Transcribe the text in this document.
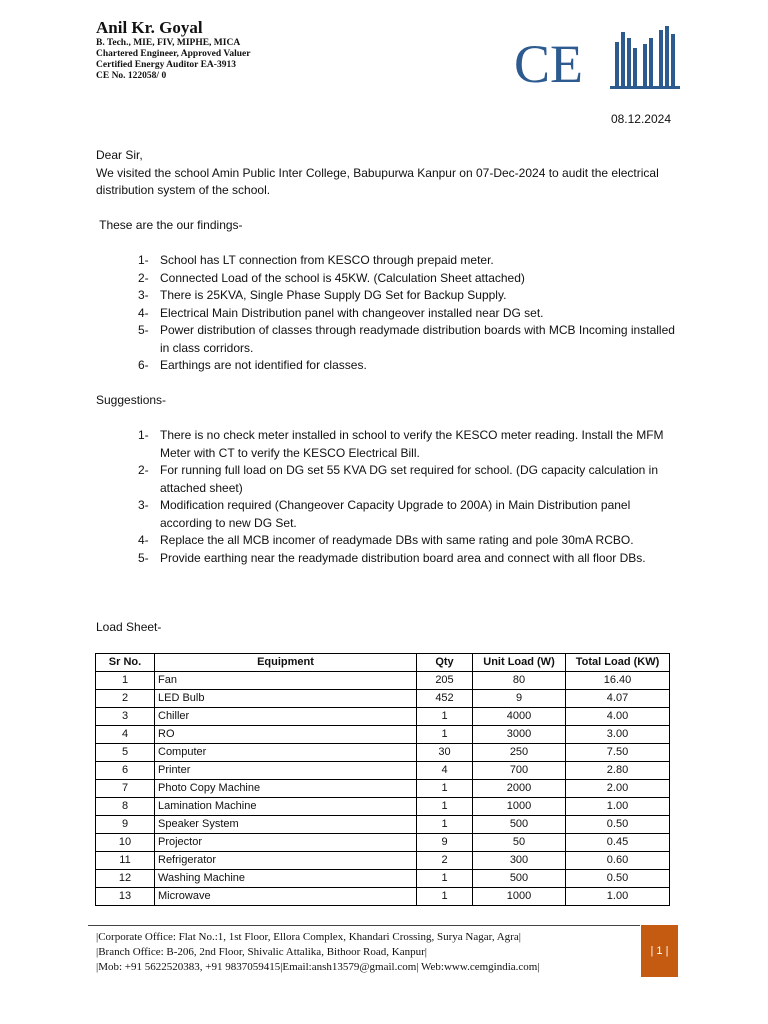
Anil Kr. Goyal
B. Tech., MIE, FIV, MIPHE, MICA
Chartered Engineer, Approved Valuer
Certified Energy Auditor EA-3913
CE No. 122058/ 0	CE
08.12.2024

Dear Sir,

We visited the school Amin Public Inter College, Babupurwa Kanpur on 07-Dec-2024 to audit the electrical distribution system of the school.

These are the our findings-

1- School has LT connection from KESCO through prepaid meter.
2- Connected Load of the school is 45KW. (Calculation Sheet attached)
3- There is 25KVA, Single Phase Supply DG Set for Backup Supply.
4- Electrical Main Distribution panel with changeover installed near DG set.
5- Power distribution of classes through readymade distribution boards with MCB Incoming installed in class corridors.
6- Earthings are not identified for classes.

Suggestions-

1- There is no check meter installed in school to verify the KESCO meter reading. Install the MFM Meter with CT to verify the KESCO Electrical Bill.
2- For running full load on DG set 55 KVA DG set required for school. (DG capacity calculation in attached sheet)
3- Modification required (Changeover Capacity Upgrade to 200A) in Main Distribution panel according to new DG Set.
4- Replace the all MCB incomer of readymade DBs with same rating and pole 30mA RCBO.
5- Provide earthing near the readymade distribution board area and connect with all floor DBs.
Load Sheet-
Sr No.	Equipment	Qty	Unit Load (W)	Total Load (KW)
1	Fan	205	80	16.40
2	LED Bulb	452	9	4.07
3	Chiller	1	4000	4.00
4	RO	1	3000	3.00
5	Computer	30	250	7.50
6	Printer	4	700	2.80
7	Photo Copy Machine	1	2000	2.00
8	Lamination Machine	1	1000	1.00
9	Speaker System	1	500	0.50
10	Projector	9	50	0.45
11	Refrigerator	2	300	0.60
12	Washing Machine	1	500	0.50
13	Microwave	1	1000	1.00
|Corporate Office: Flat No.:1, 1st Floor, Ellora Complex, Khandari Crossing, Surya Nagar, Agra|
|Branch Office: B-206, 2nd Floor, Shivalic Attalika, Bithoor Road, Kanpur|
|Mob: +91 5622520383, +91 9837059415|Email:ansh13579@gmail.com| Web:www.cemgindia.com|
| 1 |
